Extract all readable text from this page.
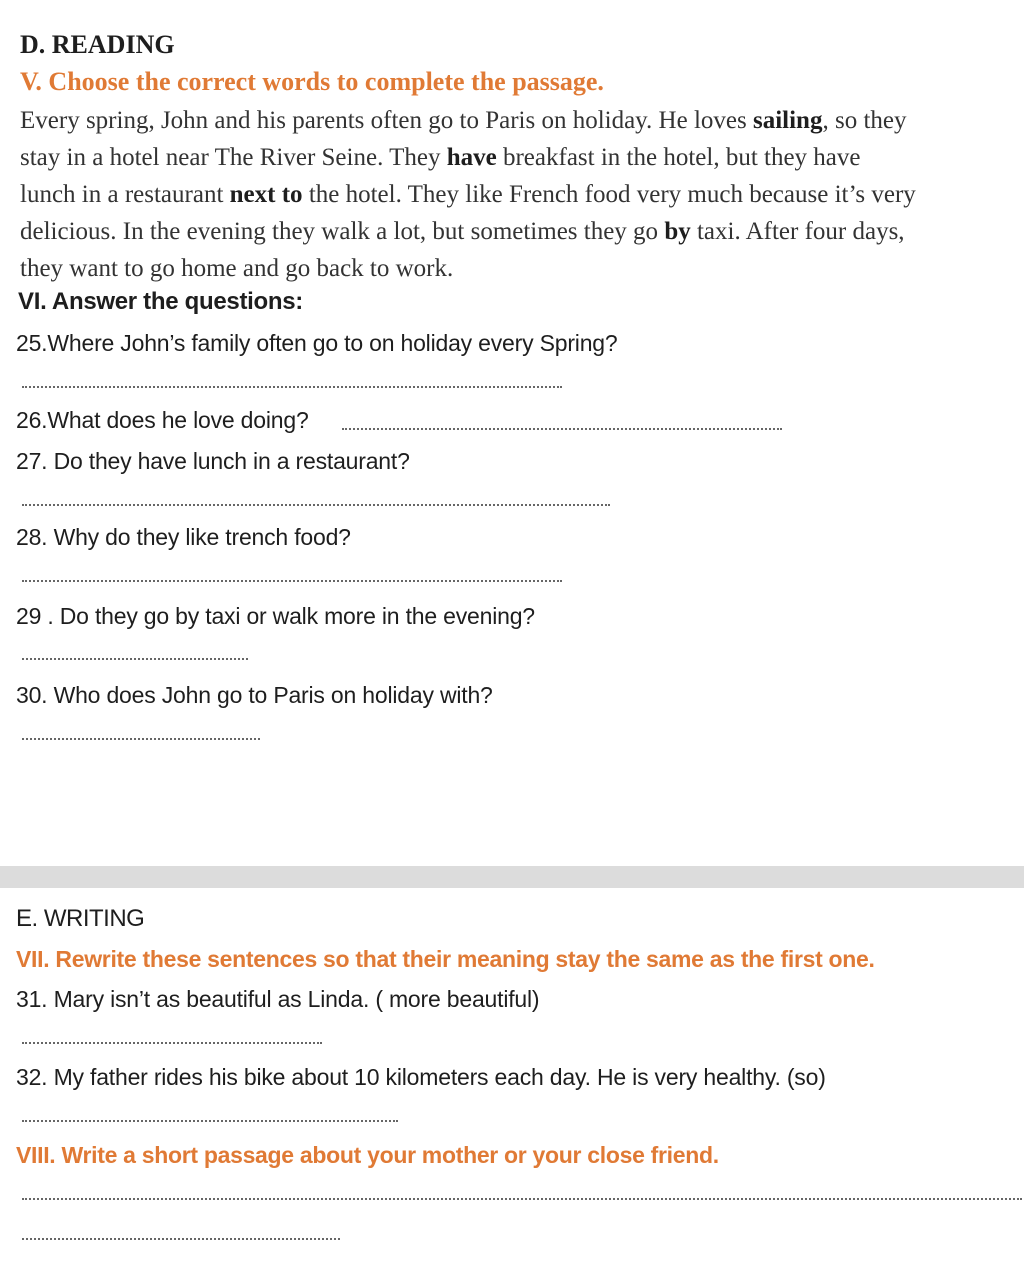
D. READING
V. Choose the correct words to complete the passage.
Every spring, John and his parents often go to Paris on holiday. He loves sailing, so they
stay in a hotel near The River Seine. They have breakfast in the hotel, but they have
lunch in a restaurant next to the hotel. They like French food very much because it’s very
delicious. In the evening they walk a lot, but sometimes they go by taxi. After four days,
they want to go home and go back to work.
VI. Answer the questions:
25.Where John’s family often go to on holiday every Spring?
26.What does he love doing?
27. Do they have lunch in a restaurant?
28. Why do they like trench food?
29 . Do they go by taxi or walk more in the evening?
30. Who does John go to Paris on holiday with?
E. WRITING
VII. Rewrite these sentences so that their meaning stay the same as the first one.
31. Mary isn’t as beautiful as Linda. ( more beautiful)
32. My father rides his bike about 10 kilometers each day. He is very healthy. (so)
VIII. Write a short passage about your mother or your close friend.
